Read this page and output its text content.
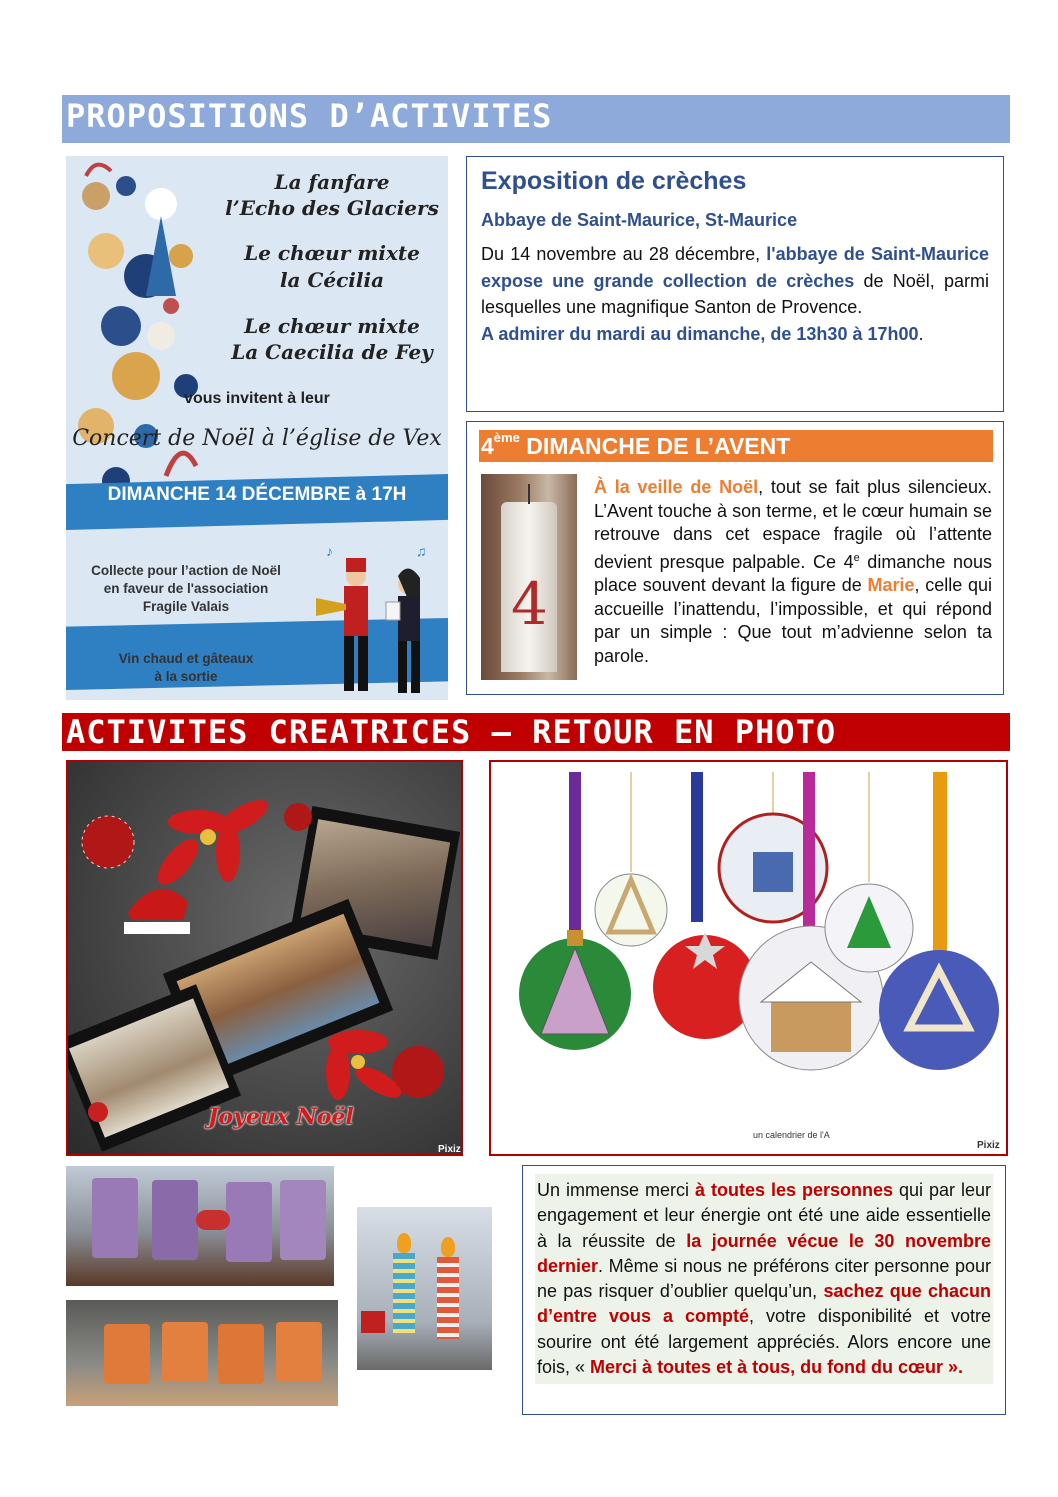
PROPOSITIONS D’ACTIVITES
La fanfare
l’Echo des Glaciers
Le chœur mixte
la Cécilia
Le chœur mixte
La Caecilia de Fey
vous invitent à leur
Concert de Noël à l’église de Vex
DIMANCHE 14 DÉCEMBRE à 17H
Collecte pour l’action de Noël
en faveur de l'association
Fragile Valais
Vin chaud et gâteaux
à la sortie
♪	♫
Exposition de crèches
Abbaye de Saint-Maurice, St-Maurice

Du 14 novembre au 28 décembre, l'abbaye de Saint-Maurice expose une grande collection de crèches de Noël, parmi lesquelles une magnifique Santon de Provence.

A admirer du mardi au dimanche, de 13h30 à 17h00.

4ème DIMANCHE DE L’AVENT
4
À la veille de Noël, tout se fait plus silencieux. L’Avent touche à son terme, et le cœur humain se retrouve dans cet espace fragile où l’attente devient presque palpable. Ce 4e dimanche nous place souvent devant la figure de Marie, celle qui accueille l’inattendu, l’impossible, et qui répond par un simple : Que tout m’advienne selon ta parole.
ACTIVITES CREATRICES – RETOUR EN PHOTO
Joyeux Noël
Pixiz
un calendrier de l'A
Pixiz
Un immense merci à toutes les personnes qui par leur engagement et leur énergie ont été une aide essentielle à la réussite de la journée vécue le 30 novembre dernier. Même si nous ne préférons citer personne pour ne pas risquer d’oublier quelqu’un, sachez que chacun d’entre vous a compté, votre disponibilité et votre sourire ont été largement appréciés. Alors encore une fois, « Merci à toutes et à tous, du fond du cœur ».
